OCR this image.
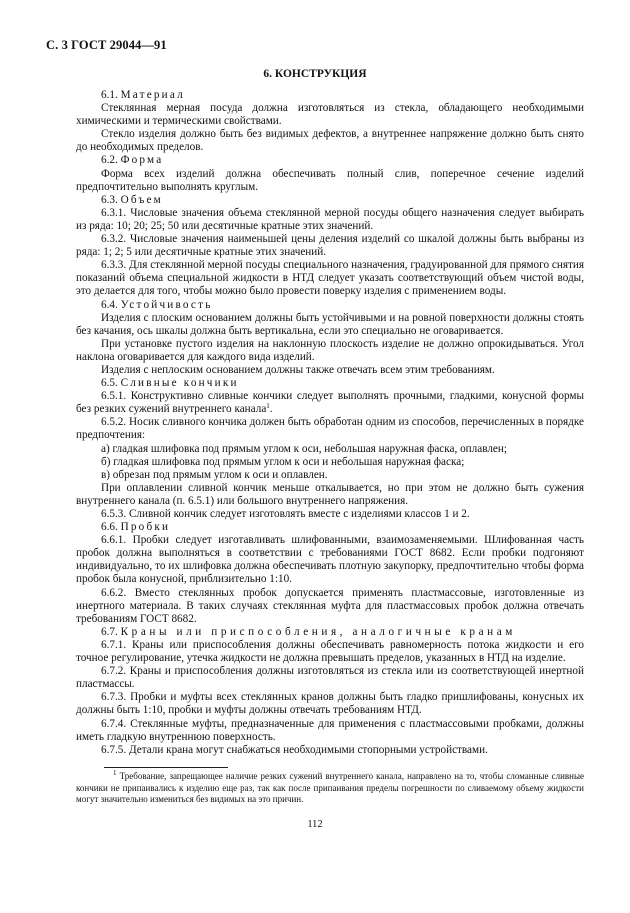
С. 3 ГОСТ 29044—91
6. КОНСТРУКЦИЯ

6.1. Материал

Стеклянная мерная посуда должна изготовляться из стекла, обладающего необходимыми химическими и термическими свойствами.

Стекло изделия должно быть без видимых дефектов, а внутреннее напряжение должно быть снято до необходимых пределов.

6.2. Форма

Форма всех изделий должна обеспечивать полный слив, поперечное сечение изделий предпочтительно выполнять круглым.

6.3. Объем

6.3.1. Числовые значения объема стеклянной мерной посуды общего назначения следует выбирать из ряда: 10; 20; 25; 50 или десятичные кратные этих значений.

6.3.2. Числовые значения наименьшей цены деления изделий со шкалой должны быть выбраны из ряда: 1; 2; 5 или десятичные кратные этих значений.

6.3.3. Для стеклянной мерной посуды специального назначения, градуированной для прямого снятия показаний объема специальной жидкости в НТД следует указать соответствующий объем чистой воды, это делается для того, чтобы можно было провести поверку изделия с применением воды.

6.4. Устойчивость

Изделия с плоским основанием должны быть устойчивыми и на ровной поверхности должны стоять без качания, ось шкалы должна быть вертикальна, если это специально не оговаривается.

При установке пустого изделия на наклонную плоскость изделие не должно опрокидываться. Угол наклона оговаривается для каждого вида изделий.

Изделия с неплоским основанием должны также отвечать всем этим требованиям.

6.5. Сливные кончики

6.5.1. Конструктивно сливные кончики следует выполнять прочными, гладкими, конусной формы без резких сужений внутреннего канала$^1$.

6.5.2. Носик сливного кончика должен быть обработан одним из способов, перечисленных в порядке предпочтения:

а) гладкая шлифовка под прямым углом к оси, небольшая наружная фаска, оплавлен;

б) гладкая шлифовка под прямым углом к оси и небольшая наружная фаска;

в) обрезан под прямым углом к оси и оплавлен.

При оплавлении сливной кончик меньше откалывается, но при этом не должно быть сужения внутреннего канала (п. 6.5.1) или большого внутреннего напряжения.

6.5.3. Сливной кончик следует изготовлять вместе с изделиями классов 1 и 2.

6.6. Пробки

6.6.1. Пробки следует изготавливать шлифованными, взаимозаменяемыми. Шлифованная часть пробок должна выполняться в соответствии с требованиями ГОСТ 8682. Если пробки подгоняют индивидуально, то их шлифовка должна обеспечивать плотную закупорку, предпочтительно чтобы форма пробок была конусной, приблизительно 1:10.

6.6.2. Вместо стеклянных пробок допускается применять пластмассовые, изготовленные из инертного материала. В таких случаях стеклянная муфта для пластмассовых пробок должна отвечать требованиям ГОСТ 8682.

6.7. Краны или приспособления, аналогичные кранам

6.7.1. Краны или приспособления должны обеспечивать равномерность потока жидкости и его точное регулирование, утечка жидкости не должна превышать пределов, указанных в НТД на изделие.

6.7.2. Краны и приспособления должны изготовляться из стекла или из соответствующей инертной пластмассы.

6.7.3. Пробки и муфты всех стеклянных кранов должны быть гладко пришлифованы, конусных их должны быть 1:10, пробки и муфты должны отвечать требованиям НТД.

6.7.4. Стеклянные муфты, предназначенные для применения с пластмассовыми пробками, должны иметь гладкую внутреннюю поверхность.

6.7.5. Детали крана могут снабжаться необходимыми стопорными устройствами.

$^1$ Требование, запрещающее наличие резких сужений внутреннего канала, направлено на то, чтобы сломанные сливные кончики не припаивались к изделию еще раз, так как после припаивания пределы погрешности по сливаемому объему жидкости могут значительно измениться без видимых на это причин.

112
